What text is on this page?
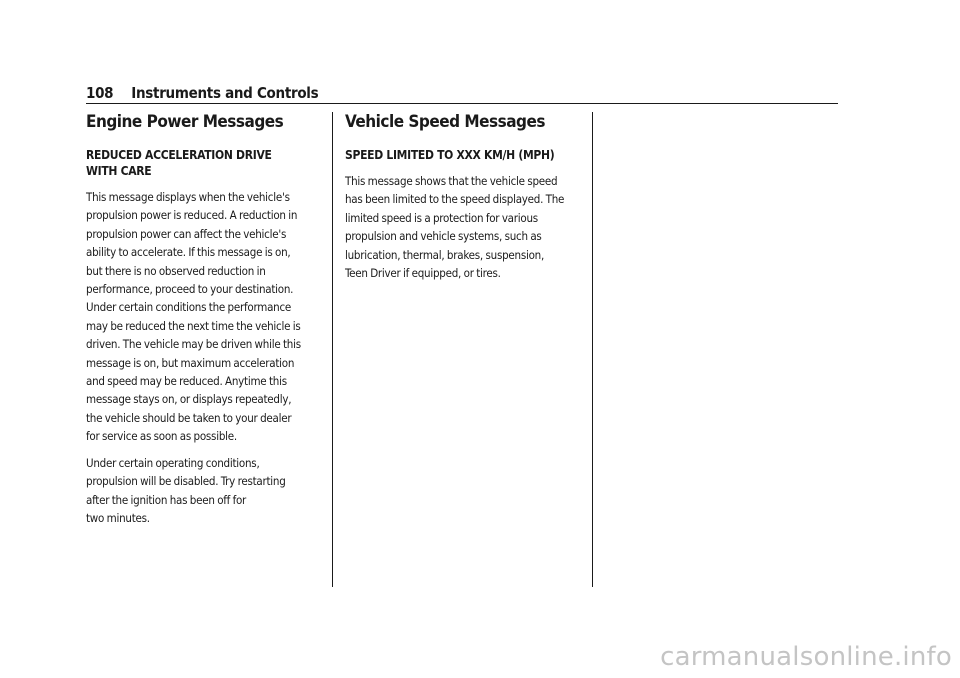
108 Instruments and Controls
Engine Power Messages
REDUCED ACCELERATION DRIVE
WITH CARE

This message displays when the vehicle's
propulsion power is reduced. A reduction in
propulsion power can affect the vehicle's
ability to accelerate. If this message is on,
but there is no observed reduction in
performance, proceed to your destination.
Under certain conditions the performance
may be reduced the next time the vehicle is
driven. The vehicle may be driven while this
message is on, but maximum acceleration
and speed may be reduced. Anytime this
message stays on, or displays repeatedly,
the vehicle should be taken to your dealer
for service as soon as possible.

Under certain operating conditions,
propulsion will be disabled. Try restarting
after the ignition has been off for
two minutes.

Vehicle Speed Messages
SPEED LIMITED TO XXX KM/H (MPH)

This message shows that the vehicle speed
has been limited to the speed displayed. The
limited speed is a protection for various
propulsion and vehicle systems, such as
lubrication, thermal, brakes, suspension,
Teen Driver if equipped, or tires.

carmanualsonline.info
